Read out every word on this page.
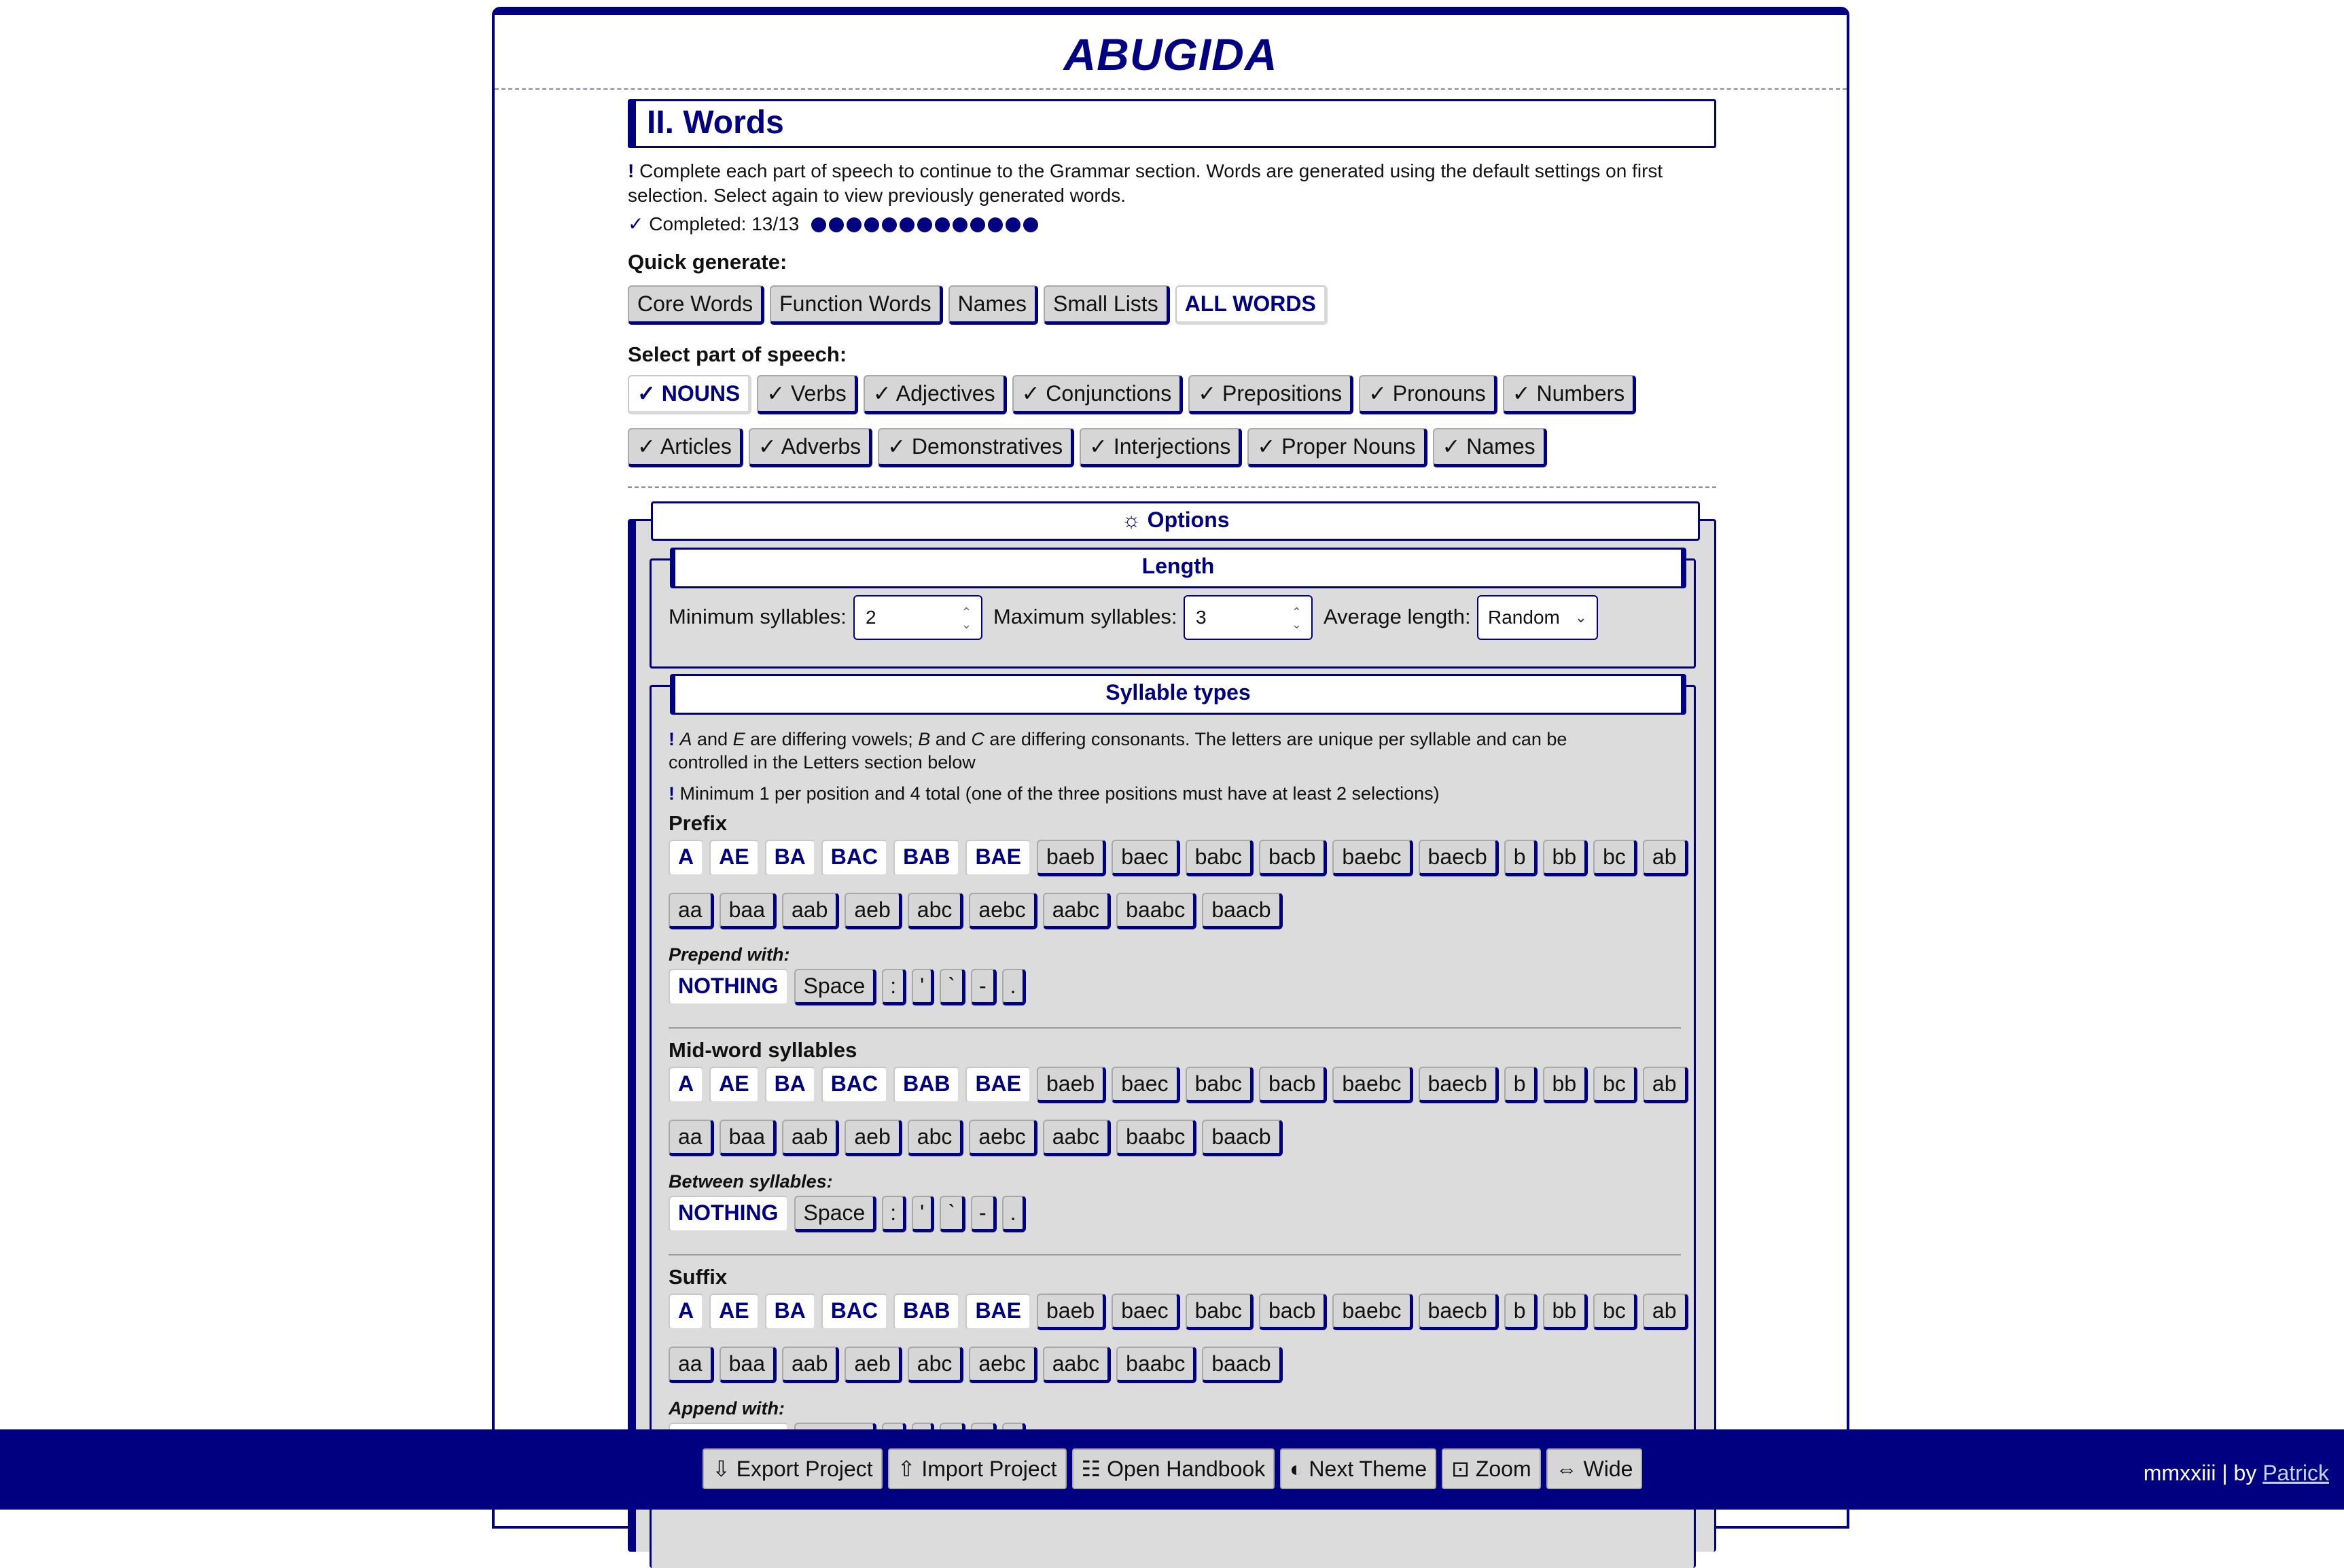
ABUGIDA
II. Words
! Complete each part of speech to continue to the Grammar section. Words are generated using the default settings on first
selection. Select again to view previously generated words.
✓ Completed: 13/13
Quick generate:
Core Words	Function Words	Names	Small Lists	ALL WORDS
Select part of speech:
✓ NOUNS	✓ Verbs	✓ Adjectives	✓ Conjunctions	✓ Prepositions	✓ Pronouns	✓ Numbers
✓ Articles	✓ Adverbs	✓ Demonstratives	✓ Interjections	✓ Proper Nouns	✓ Names
☼ Options
Length
Minimum syllables:	2	⌃
⌄ Maximum syllables: 3	⌃
⌄ Average length: Random ⌄
Syllable types
! A and E are differing vowels; B and C are differing consonants. The letters are unique per syllable and can be
controlled in the Letters section below
! Minimum 1 per position and 4 total (one of the three positions must have at least 2 selections)
Prefix
A	AE	BA	BAC	BAB	BAE	baeb	baec	babc	bacb	baebc	baecb	b	bb	bc	ab
aa	baa	aab	aeb	abc	aebc	aabc	baabc	baacb
Prepend with:
NOTHING	Space	:	'	`	-	.
Mid-word syllables
A	AE	BA	BAC	BAB	BAE	baeb	baec	babc	bacb	baebc	baecb	b	bb	bc	ab
aa	baa	aab	aeb	abc	aebc	aabc	baabc	baacb
Between syllables:
NOTHING	Space	:	'	`	-	.
Suffix
A	AE	BA	BAC	BAB	BAE	baeb	baec	babc	bacb	baebc	baecb	b	bb	bc	ab
aa	baa	aab	aeb	abc	aebc	aabc	baabc	baacb
Append with:
⇩ Export Project	⇧ Import Project	☷ Open Handbook	◐ Next Theme	⊡ Zoom	⇔ Wide	mmxxiii | by Patrick
